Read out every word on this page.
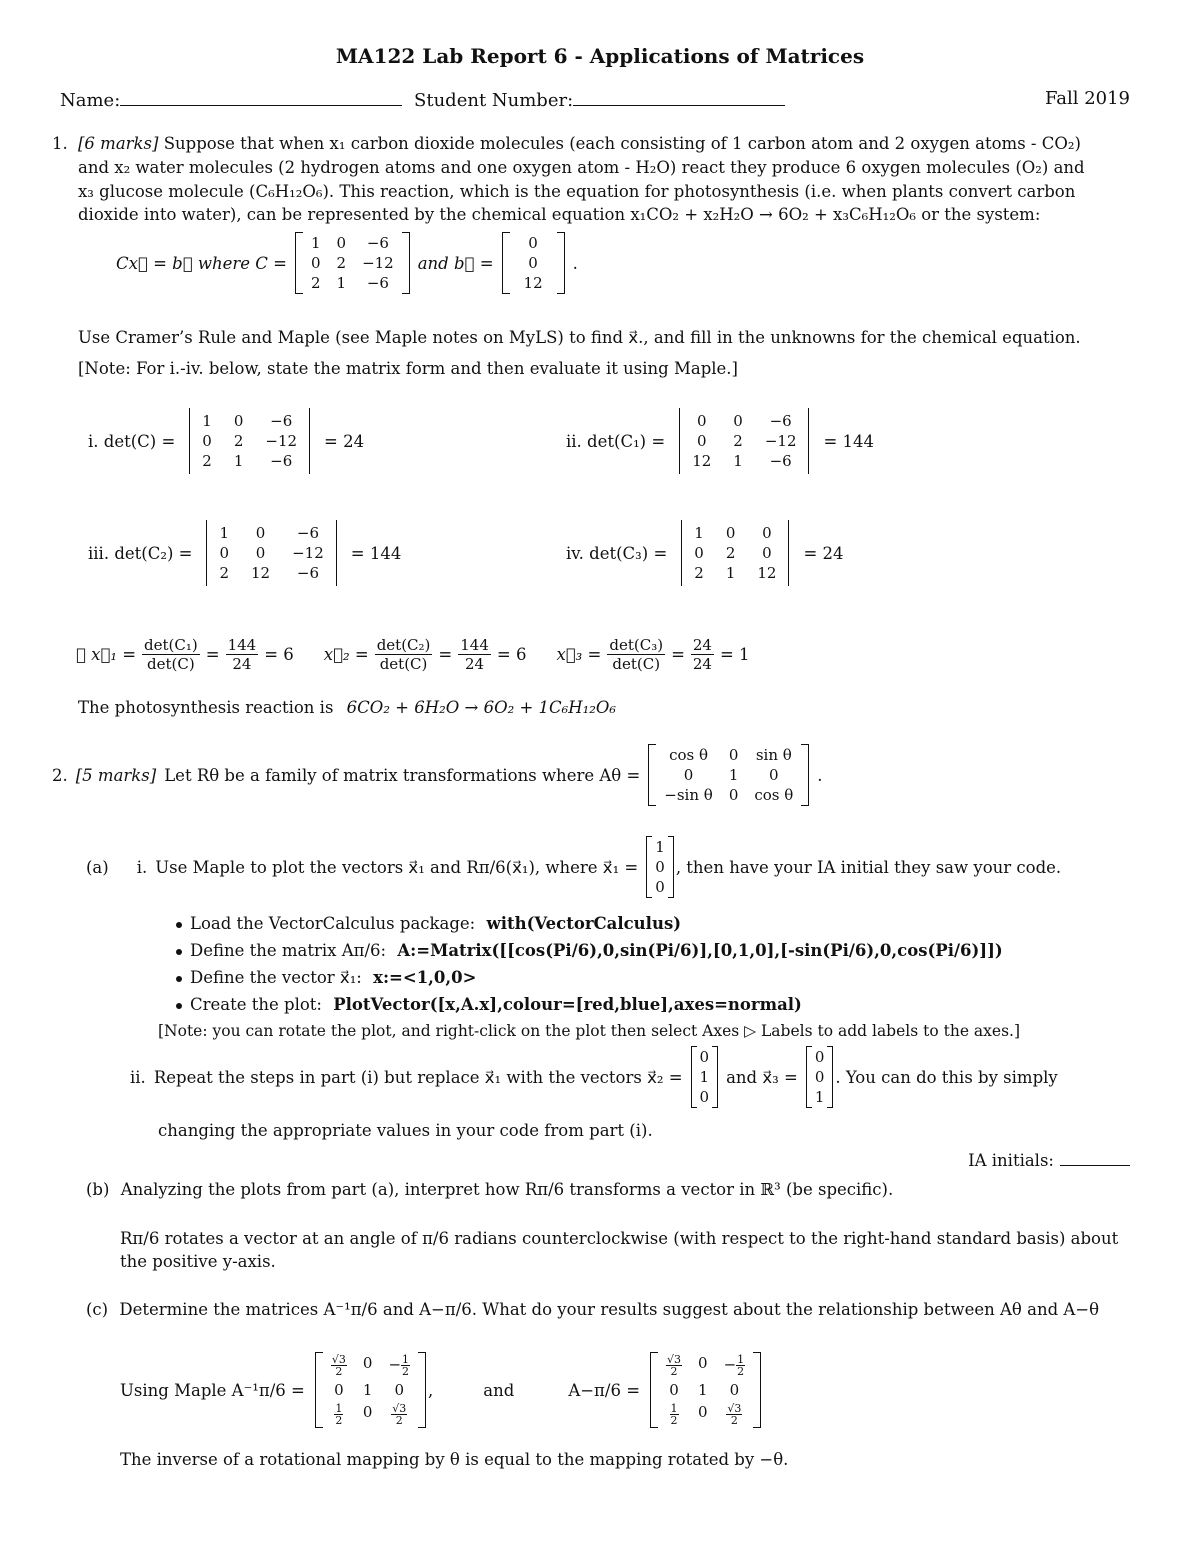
MA122 Lab Report 6 - Applications of Matrices
Name:	Student Number:	Fall 2019
1. [6 marks] Suppose that when x₁ carbon dioxide molecules (each consisting of 1 carbon atom and 2 oxygen atoms - CO₂)
and x₂ water molecules (2 hydrogen atoms and one oxygen atom - H₂O) react they produce 6 oxygen molecules (O₂) and
x₃ glucose molecule (C₆H₁₂O₆). This reaction, which is the equation for photosynthesis (i.e. when plants convert carbon
dioxide into water), can be represented by the chemical equation x₁CO₂ + x₂H₂O → 6O₂ + x₃C₆H₁₂O₆ or the system:
Cx⃗ = b⃗ where C =
1 0	−6
0 2 −12
2 1	−6
and b⃗ =
0
0
12
.
Use Cramer’s Rule and Maple (see Maple notes on MyLS) to find x⃗., and fill in the unknowns for the chemical equation.
[Note: For i.-iv. below, state the matrix form and then evaluate it using Maple.]
i. det(C) =
1 0	−6
0 2 −12
2 1	−6
= 24	ii. det(C₁) =
0	0	−6
0	2 −12
12 1	−6
= 144
iii. det(C₂) =
1	0	−6
0	0	−12
2 12	−6
= 144	iv. det(C₃) =
1 0	0
0 2	0
2 1 12
= 24
∴ x⃗₁ = $\frac{\text{det(C₁)}}{\det(C)} = \frac{144}{24} = 6$ x⃗₂ = $\frac{\text{det(C₂)}}{\det(C)} = \frac{144}{24} = 6$ x⃗₃ = $\frac{\text{det(C₃)}}{\det(C)} = \frac{24}{24} = 1$
The photosynthesis reaction is 6CO₂ + 6H₂O → 6O₂ + 1C₆H₁₂O₆
2. [5 marks] Let Rθ be a family of matrix transformations where Aθ =
cos θ	0 sin θ
0	1	0
−sin θ 0 cos θ
.
(a) i. Use Maple to plot the vectors x⃗₁ and Rπ/6(x⃗₁), where x⃗₁ =
1
0
0
, then have your IA initial they saw your code.
Load the VectorCalculus package: with(VectorCalculus)
Define the matrix Aπ/6: A:=Matrix([[cos(Pi/6),0,sin(Pi/6)],[0,1,0],[-sin(Pi/6),0,cos(Pi/6)]])
Define the vector x⃗₁: x:=<1,0,0>
Create the plot: PlotVector([x,A.x],colour=[red,blue],axes=normal)
[Note: you can rotate the plot, and right-click on the plot then select Axes ▷ Labels to add labels to the axes.]
ii. Repeat the steps in part (i) but replace x⃗₁ with the vectors x⃗₂ =
0
1
0
and x⃗₃ =
0
0
1
. You can do this by simply
changing the appropriate values in your code from part (i).
IA initials:
(b) Analyzing the plots from part (a), interpret how Rπ/6 transforms a vector in ℝ³ (be specific).
Rπ/6 rotates a vector at an angle of π/6 radians counterclockwise (with respect to the right-hand standard basis) about
the positive y-axis.
(c) Determine the matrices A⁻¹π/6 and A−π/6. What do your results suggest about the relationship between Aθ and A−θ
Using Maple A⁻¹π/6 =
$\frac{√3}{2} 0 - \frac{1}{2}$
0 1	0
$\frac{1}{2} 0 \frac{√3}{2}$
,	and	A−π/6 =
$\frac{√3}{2} 0 - \frac{1}{2}$
0 1	0
$\frac{1}{2} 0 \frac{√3}{2}$
The inverse of a rotational mapping by θ is equal to the mapping rotated by −θ.
